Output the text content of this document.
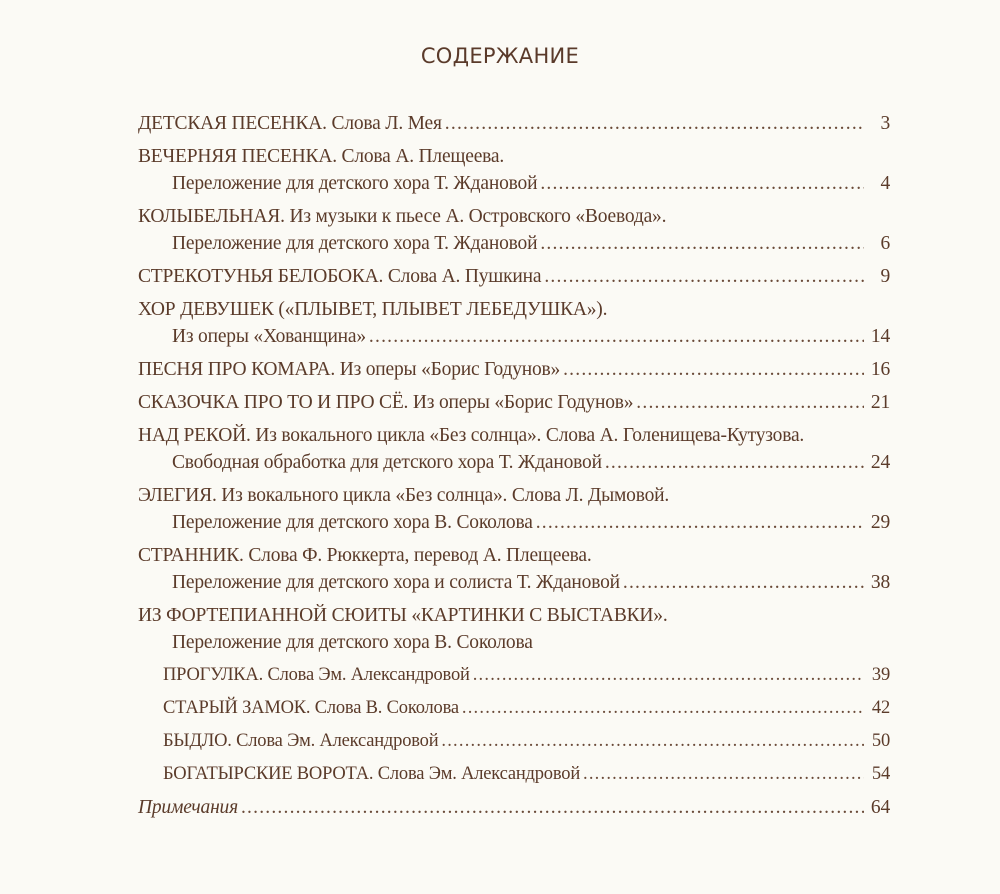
СОДЕРЖАНИЕ
ДЕТСКАЯ ПЕСЕНКА. Слова Л. Мея .....	3
ВЕЧЕРНЯЯ ПЕСЕНКА. Слова А. Плещеева.
Переложение для детского хора Т. Ждановой .....	4
КОЛЫБЕЛЬНАЯ. Из музыки к пьесе А. Островского «Воевода».
Переложение для детского хора Т. Ждановой .....	6
СТРЕКОТУНЬЯ БЕЛОБОКА. Слова А. Пушкина .....	9
ХОР ДЕВУШЕК («ПЛЫВЕТ, ПЛЫВЕТ ЛЕБЕДУШКА»).
Из оперы «Хованщина» .....	14
ПЕСНЯ ПРО КОМАРА. Из оперы «Борис Годунов» .....	16
СКАЗОЧКА ПРО ТО И ПРО СЁ. Из оперы «Борис Годунов» .....	21
НАД РЕКОЙ. Из вокального цикла «Без солнца». Слова А. Голенищева-Кутузова.
Свободная обработка для детского хора Т. Ждановой .....	24
ЭЛЕГИЯ. Из вокального цикла «Без солнца». Слова Л. Дымовой.
Переложение для детского хора В. Соколова .....	29
СТРАННИК. Слова Ф. Рюккерта, перевод А. Плещеева.
Переложение для детского хора и солиста Т. Ждановой .....	38
ИЗ ФОРТЕПИАННОЙ СЮИТЫ «КАРТИНКИ С ВЫСТАВКИ».
Переложение для детского хора В. Соколова
ПРОГУЛКА. Слова Эм. Александровой .....	39
СТАРЫЙ ЗАМОК. Слова В. Соколова .....	42
БЫДЛО. Слова Эм. Александровой .....	50
БОГАТЫРСКИЕ ВОРОТА. Слова Эм. Александровой .....	54
Примечания .....	64
